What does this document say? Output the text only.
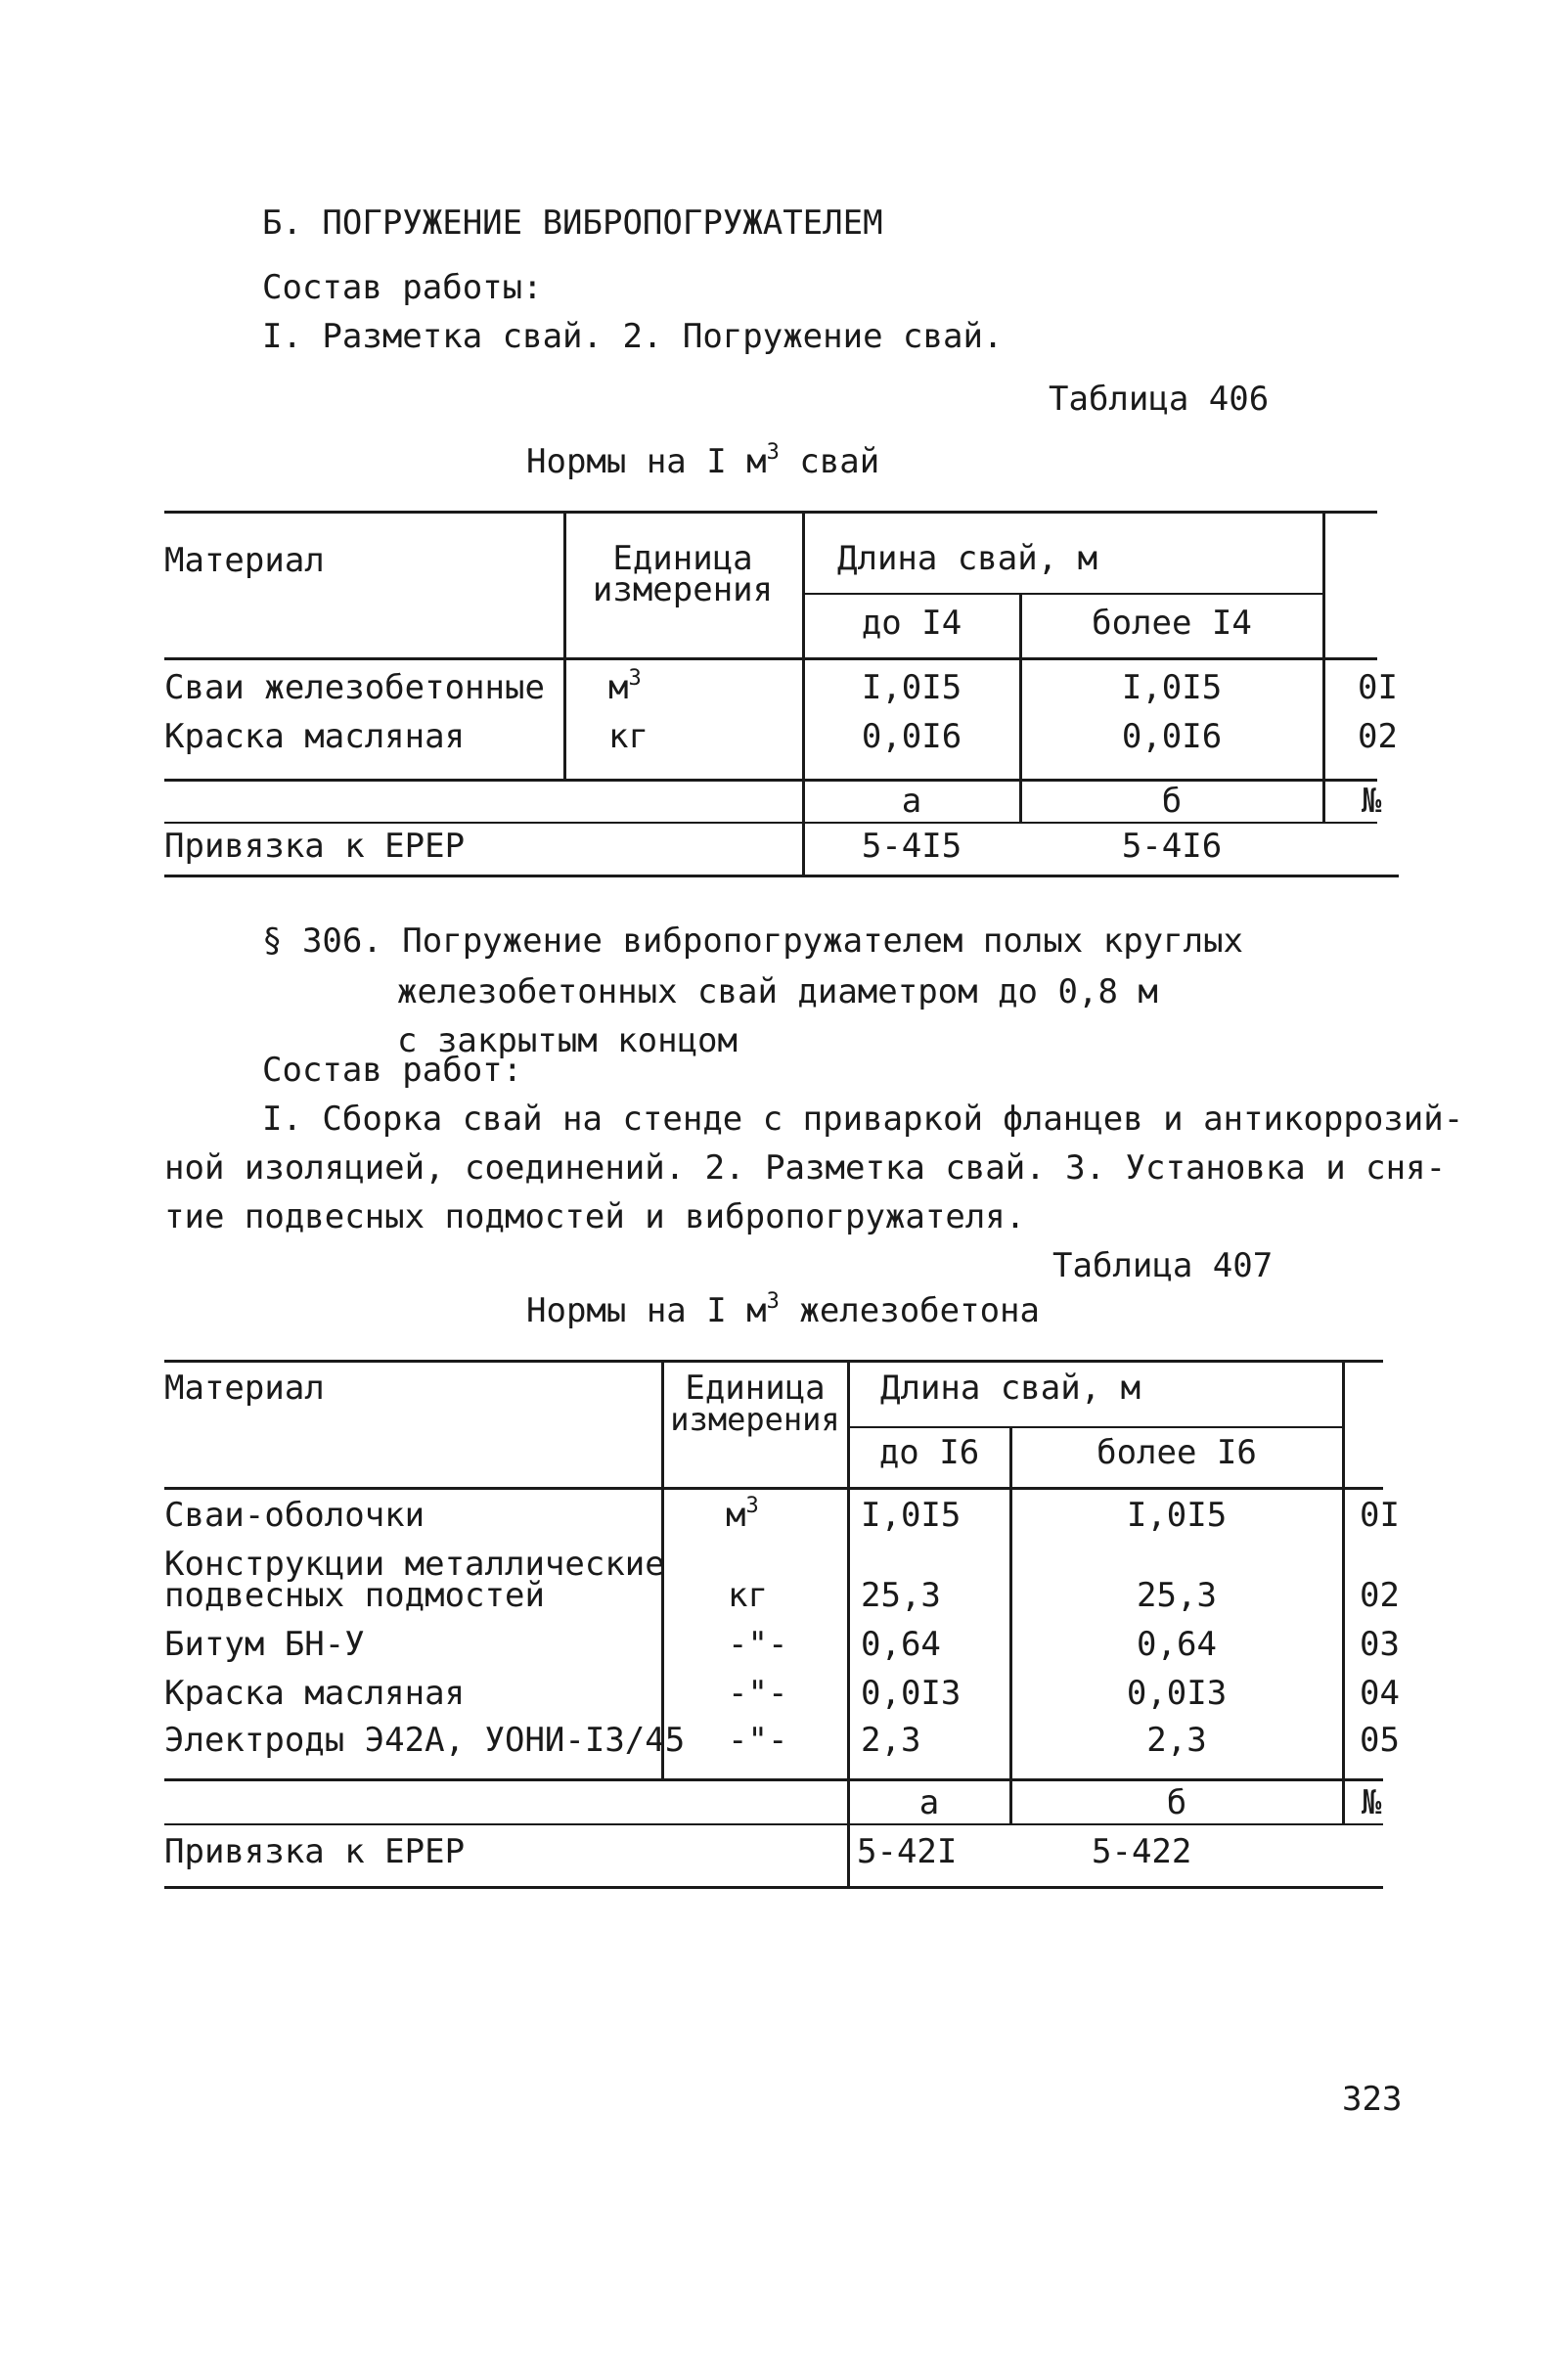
Б. ПОГРУЖЕНИЕ ВИБРОПОГРУЖАТЕЛЕМ
Состав работы:
I. Разметка свай. 2. Погружение свай.
Таблица 406
Нормы на I $м^3$ свай
Материал	Единица
измерения
Длина свай, м
до I4	более I4
Сваи железобетонные $м^3$	I,0I5	I,0I5	0I
Краска масляная	кг	0,0I6	0,0I6	02
а	б	№
Привязка к ЕРЕР	5-4I5	5-4I6
§ 306. Погружение вибропогружателем полых круглых
железобетонных свай диаметром до 0,8 м
с закрытым концом
Состав работ:
I. Сборка свай на стенде с приваркой фланцев и антикоррозий-
ной изоляцией, соединений. 2. Разметка свай. 3. Установка и сня-
тие подвесных подмостей и вибропогружателя.
Таблица 407
Нормы на I $м^3$ железобетона
Материал	Единица
измерения
Длина свай, м
до I6	более I6
Сваи-оболочки	$м^3$	I,0I5	I,0I5	0I
Конструкции металлические
подвесных подмостей	кг	25,3	25,3	02
Битум БН-У	-"- 0,64	0,64	03
Краска масляная	-"- 0,0I3	0,0I3	04
Электроды Э42А, УОНИ-I3/45 -"- 2,3	2,3	05
а	б	№
Привязка к ЕРЕР	5-42I	5-422
323
